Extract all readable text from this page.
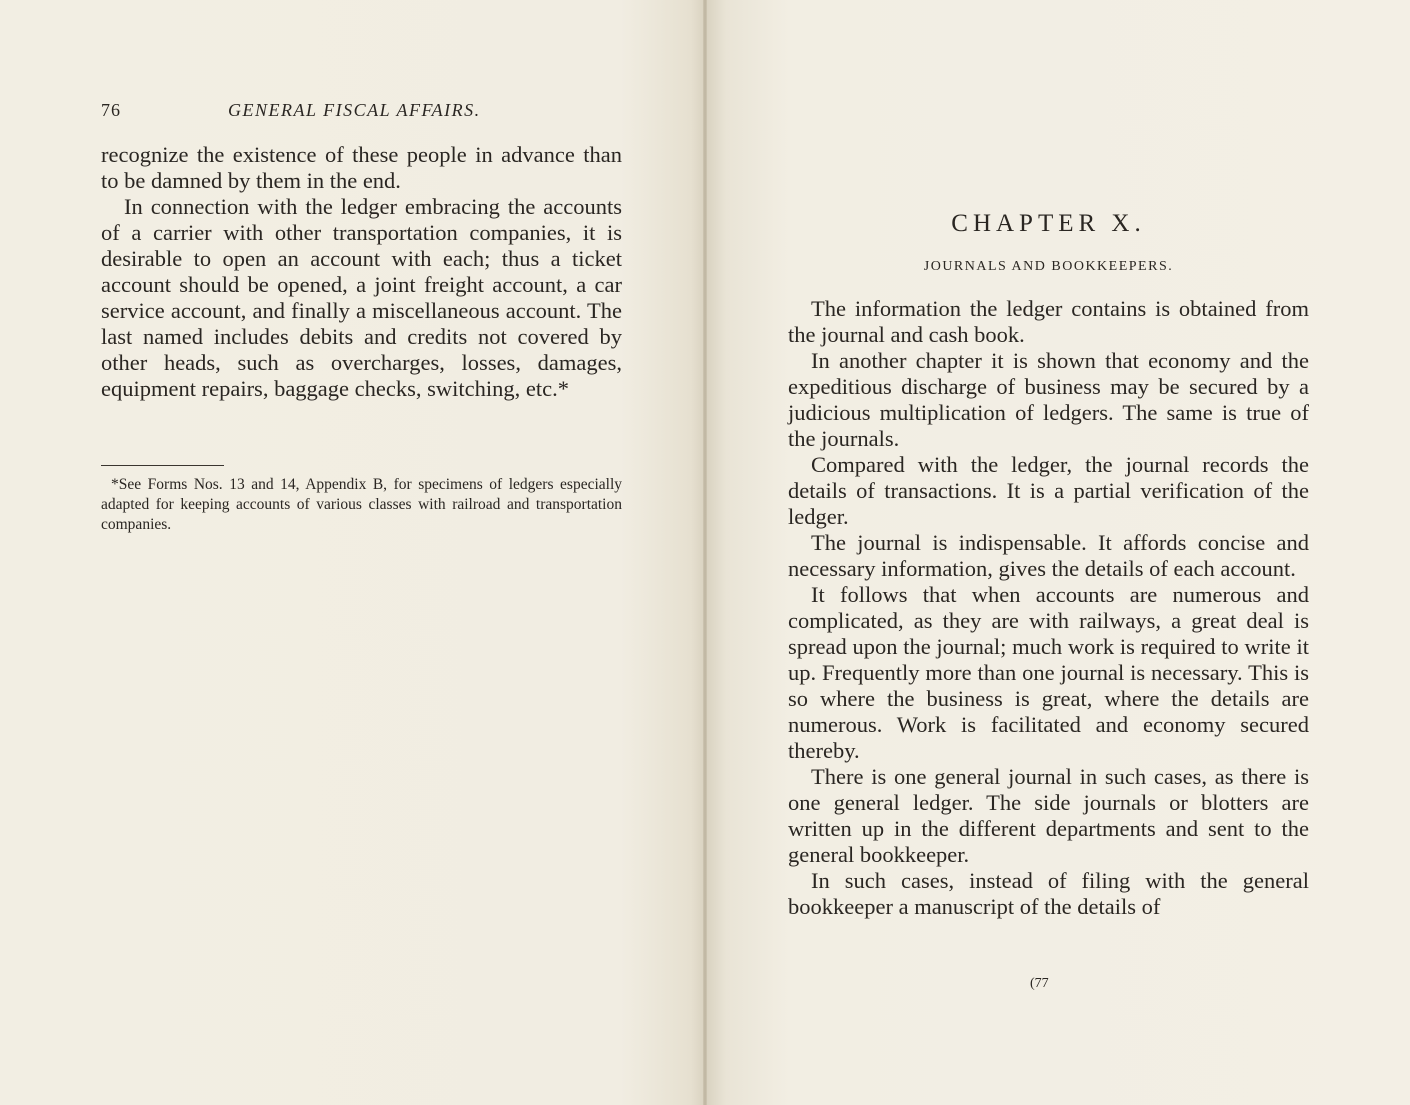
76	GENERAL FISCAL AFFAIRS.

recognize the existence of these people in advance than to be damned by them in the end.

In connection with the ledger embracing the accounts of a carrier with other transportation companies, it is desirable to open an account with each; thus a ticket account should be opened, a joint freight account, a car service account, and finally a miscellaneous account. The last named includes debits and credits not covered by other heads, such as overcharges, losses, damages, equipment repairs, baggage checks, switching, etc.*

*See Forms Nos. 13 and 14, Appendix B, for specimens of ledgers especially adapted for keeping accounts of various classes with railroad and transportation companies.
CHAPTER X.
JOURNALS AND BOOKKEEPERS.

The information the ledger contains is obtained from the journal and cash book.

In another chapter it is shown that economy and the expeditious discharge of business may be secured by a judicious multiplication of ledgers. The same is true of the journals.

Compared with the ledger, the journal records the details of transactions. It is a partial verification of the ledger.

The journal is indispensable. It affords concise and necessary information, gives the details of each account.

It follows that when accounts are numerous and complicated, as they are with railways, a great deal is spread upon the journal; much work is required to write it up. Frequently more than one journal is necessary. This is so where the business is great, where the details are numerous. Work is facilitated and economy secured thereby.

There is one general journal in such cases, as there is one general ledger. The side journals or blotters are written up in the different departments and sent to the general bookkeeper.

In such cases, instead of filing with the general bookkeeper a manuscript of the details of

(77
